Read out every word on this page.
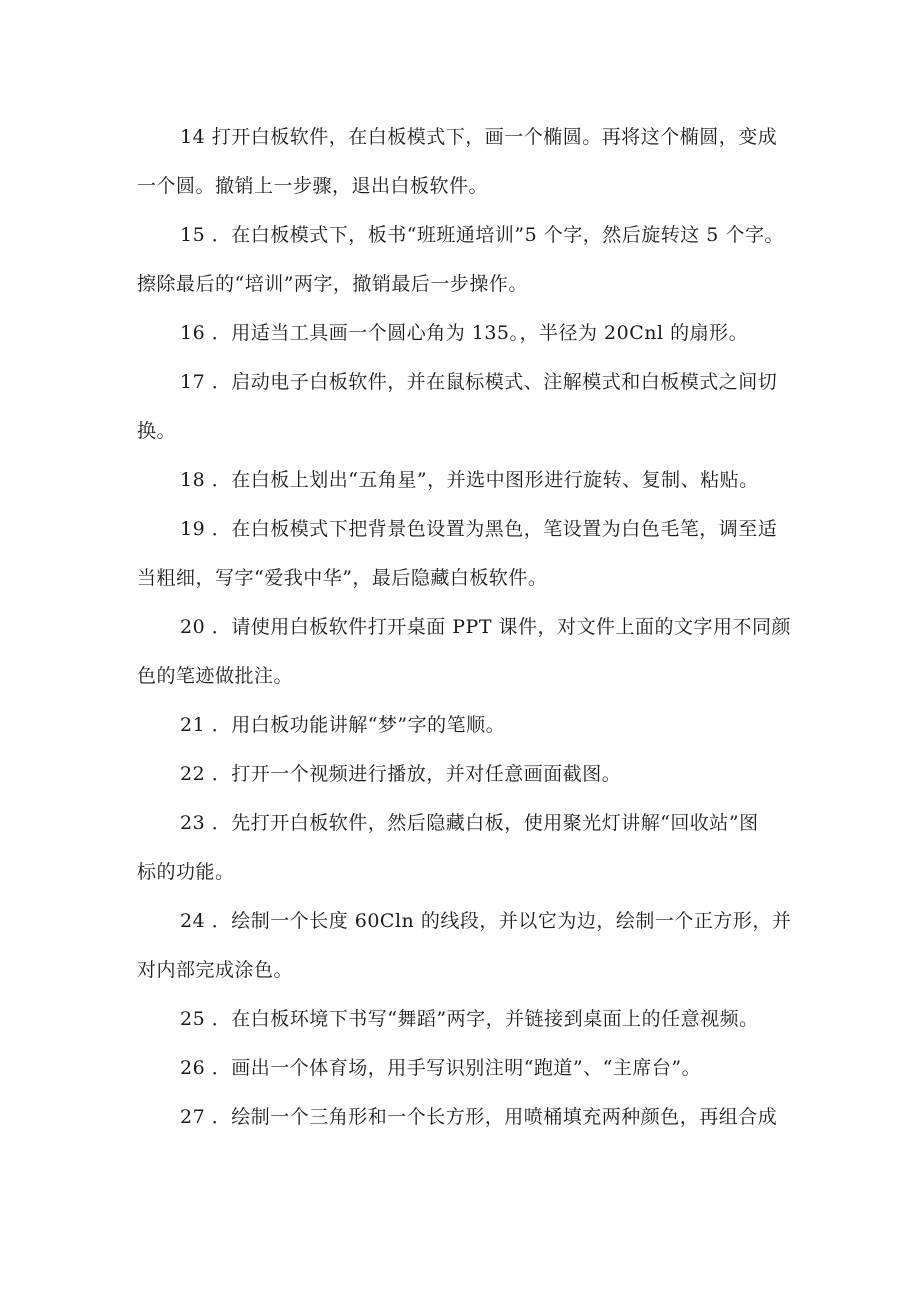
14 打开白板软件，在白板模式下，画一个椭圆。再将这个椭圆，变成
一个圆。撤销上一步骤，退出白板软件。
15 ．在白板模式下，板书“班班通培训”5 个字，然后旋转这 5 个字。
擦除最后的“培训”两字，撤销最后一步操作。
16 ．用适当工具画一个圆心角为 135。，半径为 20Cnl 的扇形。
17 ．启动电子白板软件，并在鼠标模式、注解模式和白板模式之间切
换。
18 ．在白板上划出“五角星”，并选中图形进行旋转、复制、粘贴。
19 ．在白板模式下把背景色设置为黑色，笔设置为白色毛笔，调至适
当粗细，写字“爱我中华”，最后隐藏白板软件。
20 ．请使用白板软件打开桌面 PPT 课件，对文件上面的文字用不同颜
色的笔迹做批注。
21 ．用白板功能讲解“梦”字的笔顺。
22 ．打开一个视频进行播放，并对任意画面截图。
23 ．先打开白板软件，然后隐藏白板，使用聚光灯讲解“回收站”图
标的功能。
24 ．绘制一个长度 60Cln 的线段，并以它为边，绘制一个正方形，并
对内部完成涂色。
25 ．在白板环境下书写“舞蹈”两字，并链接到桌面上的任意视频。
26 ．画出一个体育场，用手写识别注明“跑道”、“主席台”。
27 ．绘制一个三角形和一个长方形，用喷桶填充两种颜色，再组合成
